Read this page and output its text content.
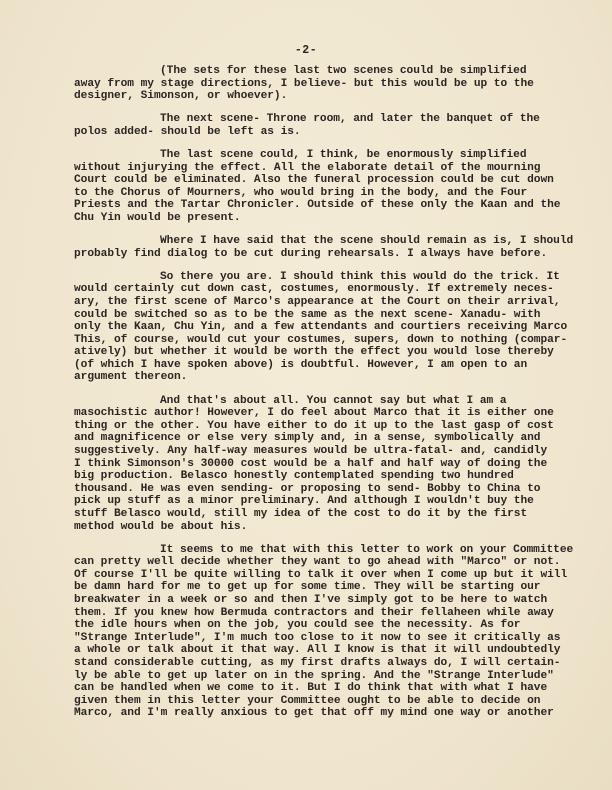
-2-
(The sets for these last two scenes could be simplified
away from my stage directions, I believe- but this would be up to the
designer, Simonson, or whoever).
The next scene- Throne room, and later the banquet of the
polos added- should be left as is.
The last scene could, I think, be enormously simplified
without injurying the effect. All the elaborate detail of the mourning
Court could be eliminated. Also the funeral procession could be cut down
to the Chorus of Mourners, who would bring in the body, and the Four
Priests and the Tartar Chronicler. Outside of these only the Kaan and the
Chu Yin would be present.
Where I have said that the scene should remain as is, I should
probably find dialog to be cut during rehearsals. I always have before.
So there you are. I should think this would do the trick. It
would certainly cut down cast, costumes, enormously. If extremely neces-
ary, the first scene of Marco's appearance at the Court on their arrival,
could be switched so as to be the same as the next scene- Xanadu- with
only the Kaan, Chu Yin, and a few attendants and courtiers receiving Marco
This, of course, would cut your costumes, supers, down to nothing (compar-
atively) but whether it would be worth the effect you would lose thereby
(of which I have spoken above) is doubtful. However, I am open to an
argument thereon.
And that's about all. You cannot say but what I am a
masochistic author! However, I do feel about Marco that it is either one
thing or the other. You have either to do it up to the last gasp of cost
and magnificence or else very simply and, in a sense, symbolically and
suggestively. Any half-way measures would be ultra-fatal- and, candidly
I think Simonson's 30000 cost would be a half and half way of doing the
big production. Belasco honestly contemplated spending two hundred
thousand. He was even sending- or proposing to send- Bobby to China to
pick up stuff as a minor preliminary. And although I wouldn't buy the
stuff Belasco would, still my idea of the cost to do it by the first
method would be about his.
It seems to me that with this letter to work on your Committee
can pretty well decide whether they want to go ahead with "Marco" or not.
Of course I'll be quite willing to talk it over when I come up but it will
be damn hard for me to get up for some time. They will be starting our
breakwater in a week or so and then I've simply got to be here to watch
them. If you knew how Bermuda contractors and their fellaheen while away
the idle hours when on the job, you could see the necessity. As for
"Strange Interlude", I'm much too close to it now to see it critically as
a whole or talk about it that way. All I know is that it will undoubtedly
stand considerable cutting, as my first drafts always do, I will certain-
ly be able to get up later on in the spring. And the "Strange Interlude"
can be handled when we come to it. But I do think that with what I have
given them in this letter your Committee ought to be able to decide on
Marco, and I'm really anxious to get that off my mind one way or another
